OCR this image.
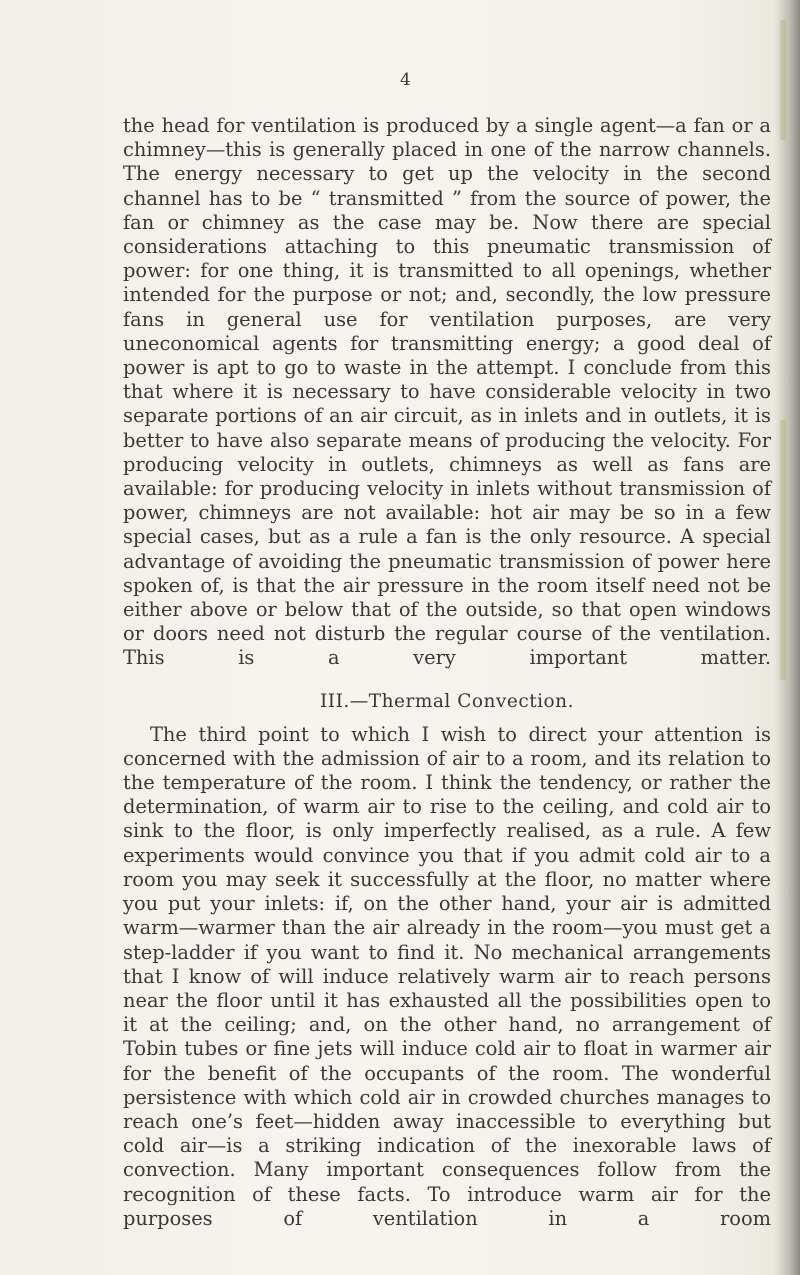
4

the head for ventilation is produced by a single agent—a fan or a chimney—this is generally placed in one of the narrow channels. The energy necessary to get up the velocity in the second channel has to be “ transmitted ” from the source of power, the fan or chimney as the case may be. Now there are special considerations attaching to this pneumatic transmission of power: for one thing, it is transmitted to all openings, whether intended for the purpose or not; and, secondly, the low pressure fans in general use for ventilation purposes, are very uneconomical agents for transmitting energy; a good deal of power is apt to go to waste in the attempt. I conclude from this that where it is necessary to have considerable velocity in two separate portions of an air circuit, as in inlets and in outlets, it is better to have also separate means of producing the velocity. For producing velocity in outlets, chimneys as well as fans are available: for producing velocity in inlets without transmission of power, chimneys are not available: hot air may be so in a few special cases, but as a rule a fan is the only resource. A special advantage of avoiding the pneumatic transmission of power here spoken of, is that the air pressure in the room itself need not be either above or below that of the outside, so that open windows or doors need not disturb the regular course of the ventilation. This is a very important matter.

III.—Thermal Convection.

The third point to which I wish to direct your attention is concerned with the admission of air to a room, and its relation to the temperature of the room. I think the tendency, or rather the determination, of warm air to rise to the ceiling, and cold air to sink to the floor, is only imperfectly realised, as a rule. A few experiments would convince you that if you admit cold air to a room you may seek it successfully at the floor, no matter where you put your inlets: if, on the other hand, your air is admitted warm—warmer than the air already in the room—you must get a step-ladder if you want to find it. No mechanical arrangements that I know of will induce relatively warm air to reach persons near the floor until it has exhausted all the possibilities open to it at the ceiling; and, on the other hand, no arrangement of Tobin tubes or fine jets will induce cold air to float in warmer air for the benefit of the occupants of the room. The wonderful persistence with which cold air in crowded churches manages to reach one’s feet—hidden away inaccessible to everything but cold air—is a striking indication of the inexorable laws of convection. Many important consequences follow from the recognition of these facts. To introduce warm air for the purposes of ventilation in a room
